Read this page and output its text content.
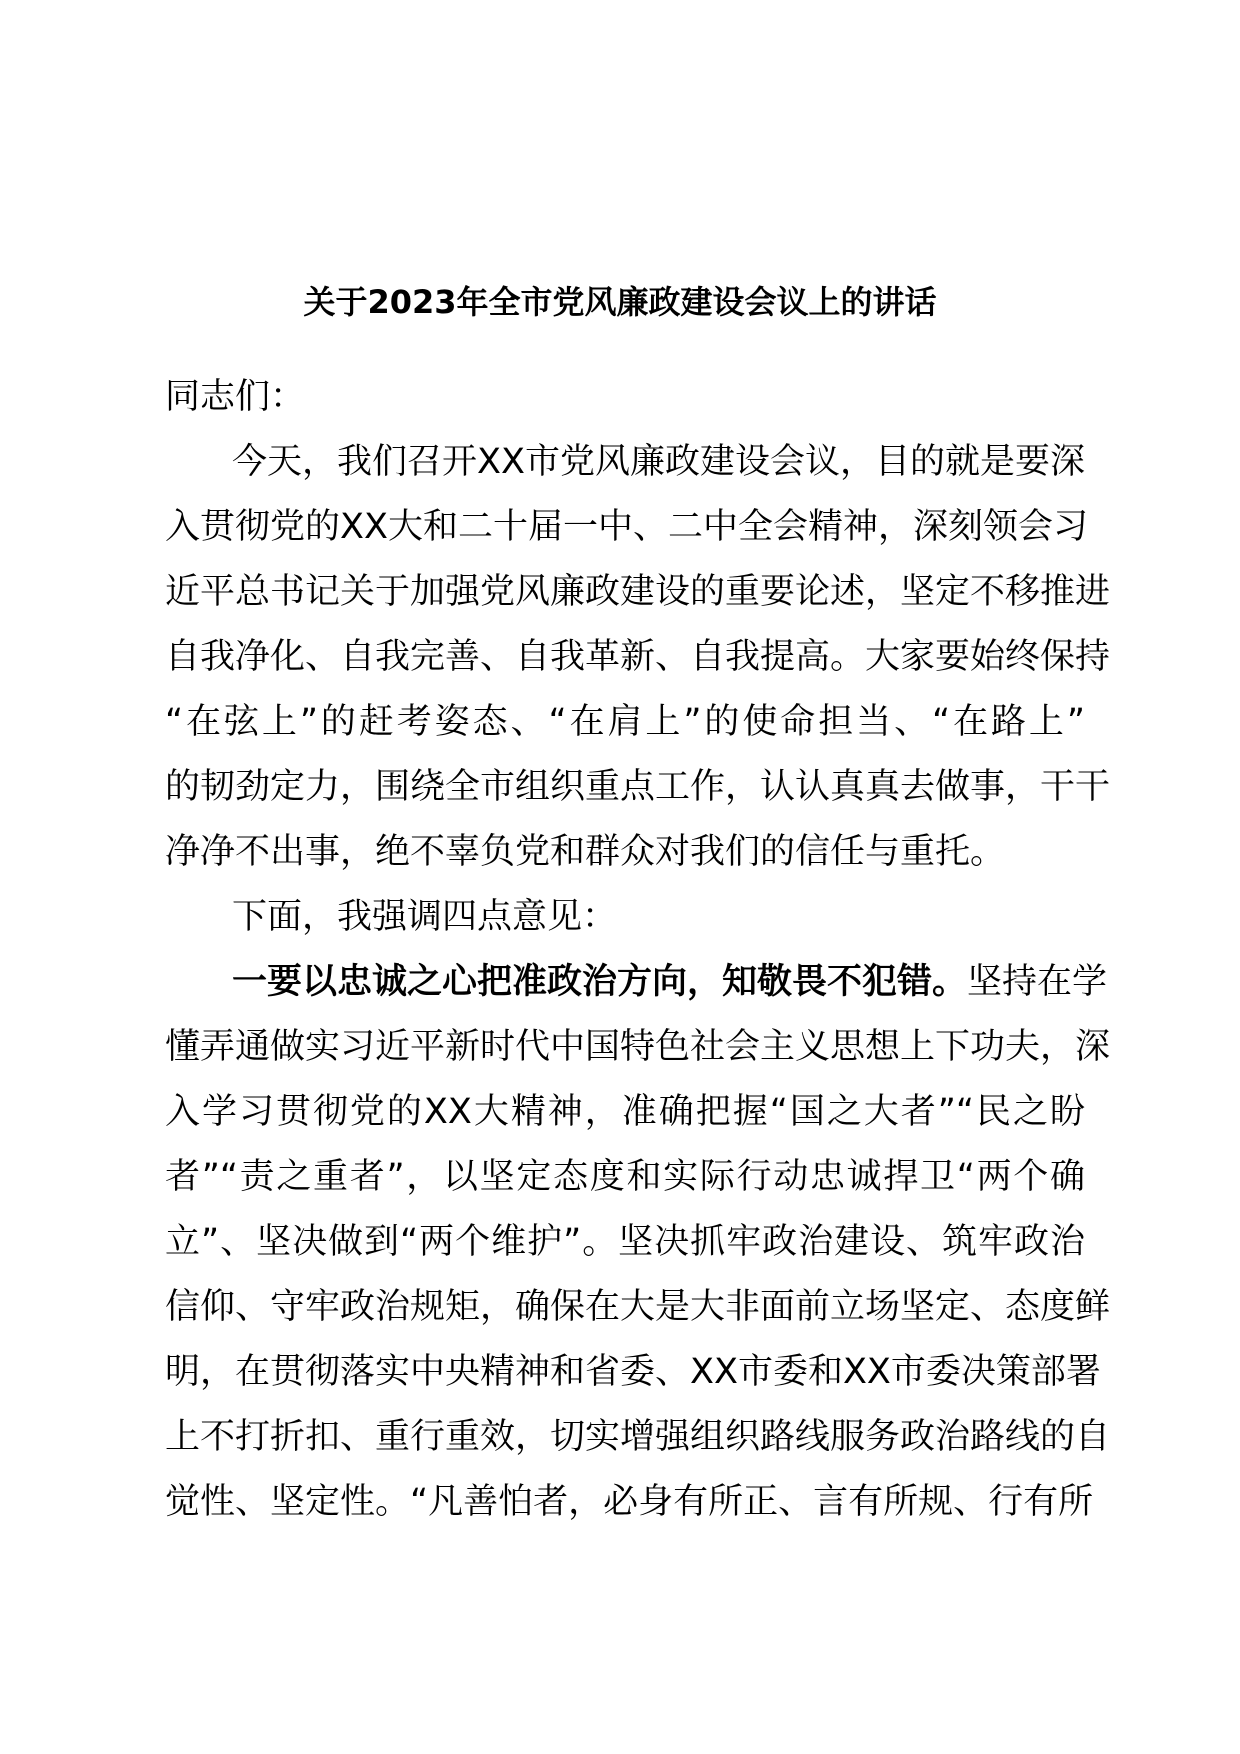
关于2023年全市党风廉政建设会议上的讲话
同志们：
今天，我们召开XX市党风廉政建设会议，目的就是要深
入贯彻党的XX大和二十届一中、二中全会精神，深刻领会习
近平总书记关于加强党风廉政建设的重要论述，坚定不移推进
自我净化、自我完善、自我革新、自我提高。大家要始终保持
“在弦上”的赶考姿态、“在肩上”的使命担当、“在路上”
的韧劲定力，围绕全市组织重点工作，认认真真去做事，干干
净净不出事，绝不辜负党和群众对我们的信任与重托。
下面，我强调四点意见：
一要以忠诚之心把准政治方向，知敬畏不犯错。坚持在学
懂弄通做实习近平新时代中国特色社会主义思想上下功夫，深
入学习贯彻党的XX大精神，准确把握“国之大者”“民之盼
者”“责之重者”，以坚定态度和实际行动忠诚捍卫“两个确
立”、坚决做到“两个维护”。坚决抓牢政治建设、筑牢政治
信仰、守牢政治规矩，确保在大是大非面前立场坚定、态度鲜
明，在贯彻落实中央精神和省委、XX市委和XX市委决策部署
上不打折扣、重行重效，切实增强组织路线服务政治路线的自
觉性、坚定性。“凡善怕者，必身有所正、言有所规、行有所
